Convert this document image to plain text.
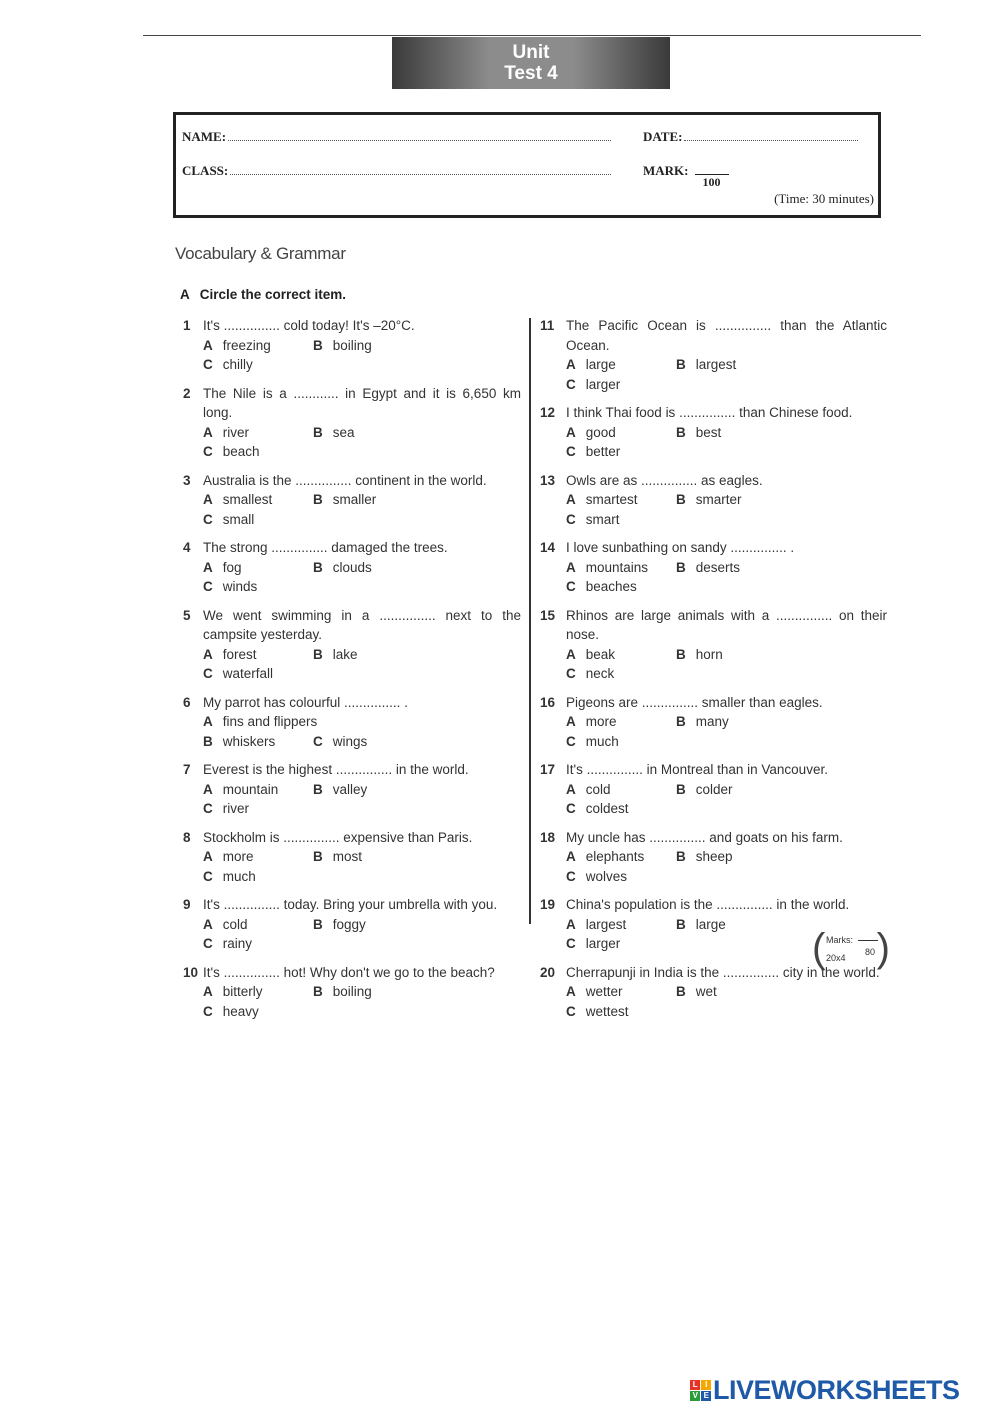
Unit
Test 4
NAME:	DATE:
CLASS:	MARK:
100
(Time: 30 minutes)
Vocabulary & Grammar
A Circle the correct item.
1 It's ............... cold today! It's –20°C.
A freezing	B boiling
C chilly
2 The Nile is a ............ in Egypt and it is 6,650 km long.
A river	B sea
C beach
3 Australia is the ............... continent in the world.
A smallest	B smaller
C small
4 The strong ............... damaged the trees.
A fog	B clouds
C winds
5 We went swimming in a ............... next to the campsite yesterday.
A forest	B lake
C waterfall
6 My parrot has colourful ............... .
A fins and flippers
B whiskers	C wings
7 Everest is the highest ............... in the world.
A mountain	B valley
C river
8 Stockholm is ............... expensive than Paris.
A more	B most
C much
9 It's ............... today. Bring your umbrella with you.
A cold	B foggy
C rainy
10 It's ............... hot! Why don't we go to the beach?
A bitterly	B boiling
C heavy
11 The Pacific Ocean is ............... than the Atlantic Ocean.
A large	B largest
C larger
12 I think Thai food is ............... than Chinese food.
A good	B best
C better
13 Owls are as ............... as eagles.
A smartest	B smarter
C smart
14 I love sunbathing on sandy ............... .
A mountains	B deserts
C beaches
15 Rhinos are large animals with a ............... on their nose.
A beak	B horn
C neck
16 Pigeons are ............... smaller than eagles.
A more	B many
C much
17 It's ............... in Montreal than in Vancouver.
A cold	B colder
C coldest
18 My uncle has ............... and goats on his farm.
A elephants	B sheep
C wolves
19 China's population is the ............... in the world.
A largest	B large
C larger
20 Cherrapunji in India is the ............... city in the world.
A wetter	B wet
C wettest
( Marks:
80
20x4 )
L I
V E LIVEWORKSHEETS
